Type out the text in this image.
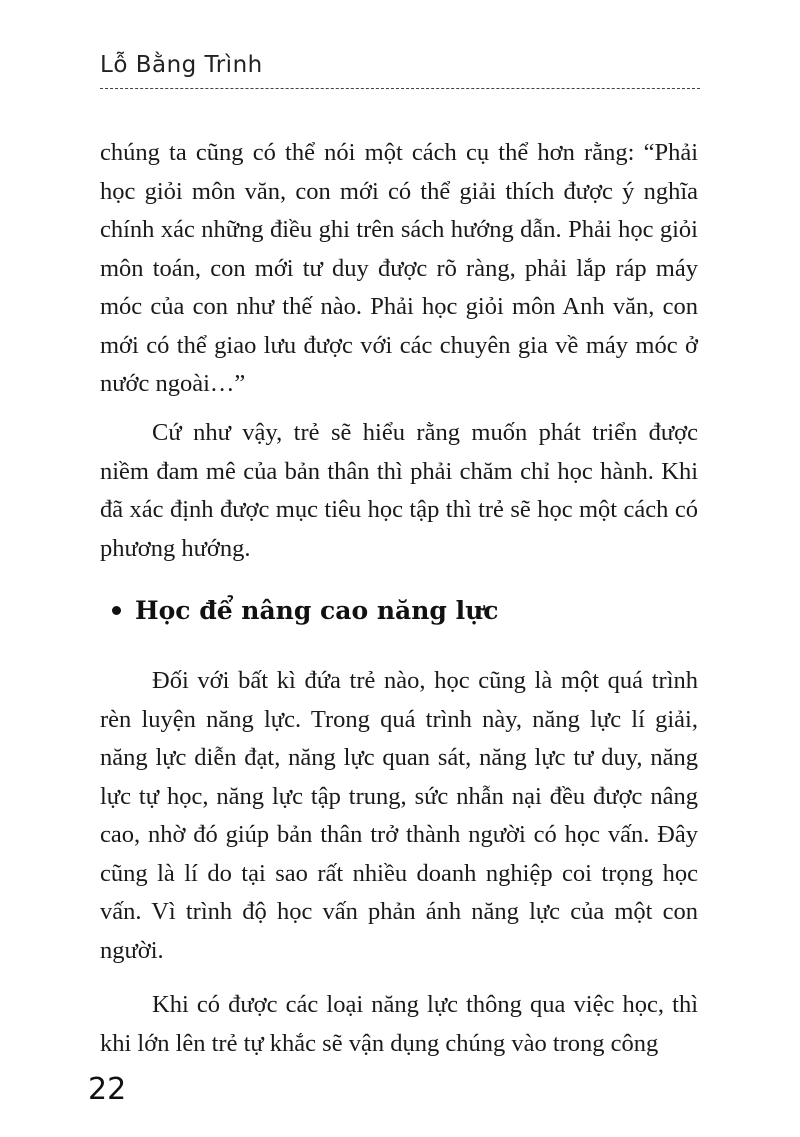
Lỗ Bằng Trình

chúng ta cũng có thể nói một cách cụ thể hơn rằng: “Phải học giỏi môn văn, con mới có thể giải thích được ý nghĩa chính xác những điều ghi trên sách hướng dẫn. Phải học giỏi môn toán, con mới tư duy được rõ ràng, phải lắp ráp máy móc của con như thế nào. Phải học giỏi môn Anh văn, con mới có thể giao lưu được với các chuyên gia về máy móc ở nước ngoài…”

Cứ như vậy, trẻ sẽ hiểu rằng muốn phát triển được niềm đam mê của bản thân thì phải chăm chỉ học hành. Khi đã xác định được mục tiêu học tập thì trẻ sẽ học một cách có phương hướng.

Học để nâng cao năng lực

Đối với bất kì đứa trẻ nào, học cũng là một quá trình rèn luyện năng lực. Trong quá trình này, năng lực lí giải, năng lực diễn đạt, năng lực quan sát, năng lực tư duy, năng lực tự học, năng lực tập trung, sức nhẫn nại đều được nâng cao, nhờ đó giúp bản thân trở thành người có học vấn. Đây cũng là lí do tại sao rất nhiều doanh nghiệp coi trọng học vấn. Vì trình độ học vấn phản ánh năng lực của một con người.

Khi có được các loại năng lực thông qua việc học, thì khi lớn lên trẻ tự khắc sẽ vận dụng chúng vào trong công

22
